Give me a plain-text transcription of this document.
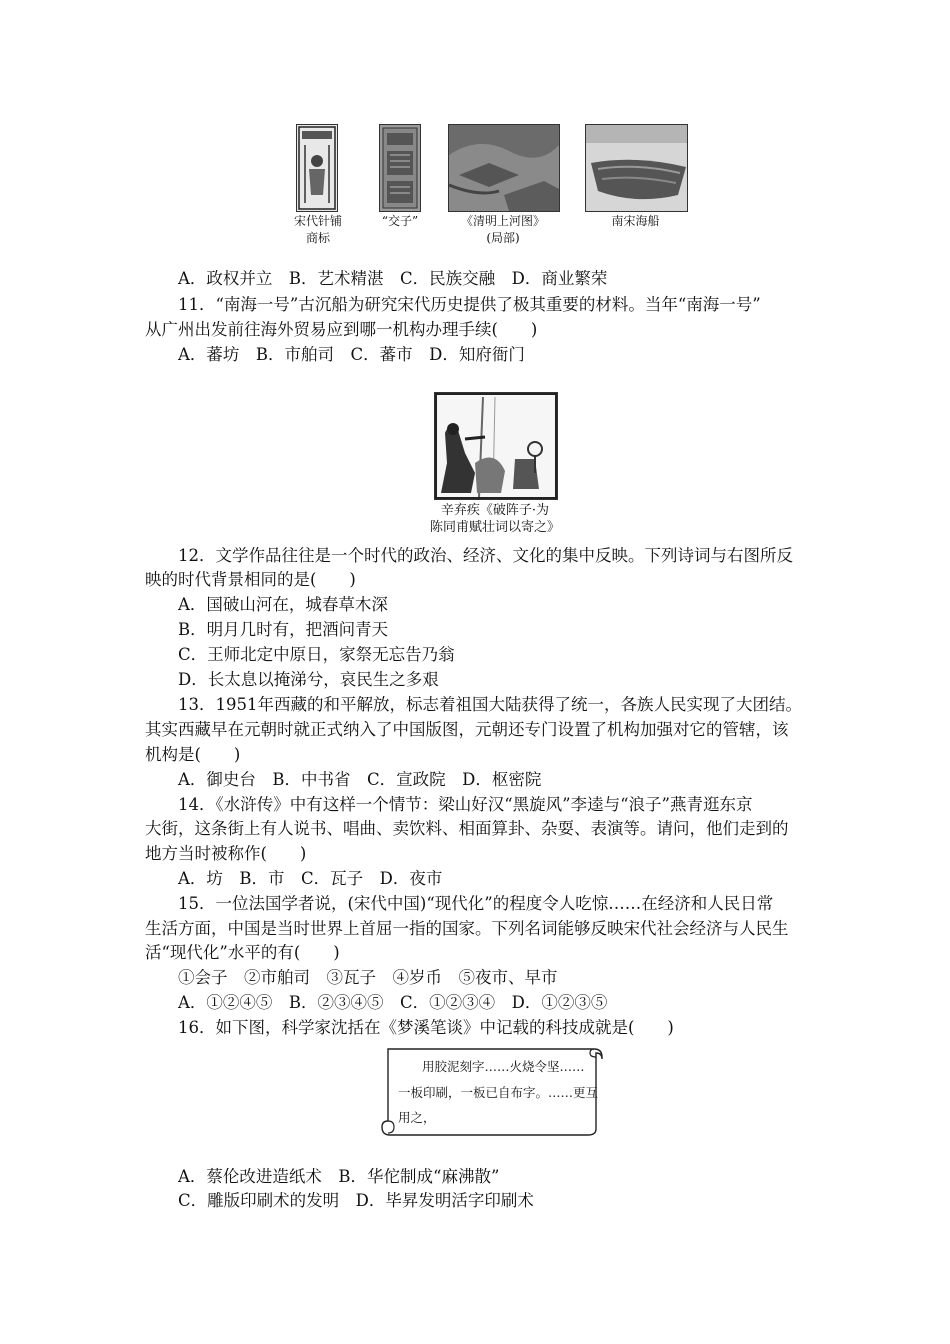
宋代针铺
商标
“交子”	《清明上河图》
(局部)
南宋海船
A．政权并立　B．艺术精湛　C．民族交融　D．商业繁荣
11．“南海一号”古沉船为研究宋代历史提供了极其重要的材料。当年“南海一号”
从广州出发前往海外贸易应到哪一机构办理手续(　　)
A．蕃坊　B．市舶司　C．蕃市　D．知府衙门
辛弃疾《破阵子·为
陈同甫赋壮词以寄之》
12．文学作品往往是一个时代的政治、经济、文化的集中反映。下列诗词与右图所反
映的时代背景相同的是(　　)
A．国破山河在，城春草木深
B．明月几时有，把酒问青天
C．王师北定中原日，家祭无忘告乃翁
D．长太息以掩涕兮，哀民生之多艰
13．1951年西藏的和平解放，标志着祖国大陆获得了统一，各族人民实现了大团结。
其实西藏早在元朝时就正式纳入了中国版图，元朝还专门设置了机构加强对它的管辖，该
机构是(　　)
A．御史台　B．中书省　C．宣政院　D．枢密院
14．《水浒传》中有这样一个情节：梁山好汉“黑旋风”李逵与“浪子”燕青逛东京
大街，这条街上有人说书、唱曲、卖饮料、相面算卦、杂耍、表演等。请问，他们走到的
地方当时被称作(　　)
A．坊　B．市　C．瓦子　D．夜市
15．一位法国学者说，(宋代中国)“现代化”的程度令人吃惊……在经济和人民日常
生活方面，中国是当时世界上首屈一指的国家。下列名词能够反映宋代社会经济与人民生
活“现代化”水平的有(　　)
①会子　②市舶司　③瓦子　④岁币　⑤夜市、早市
A．①②④⑤　B．②③④⑤　C．①②③④　D．①②③⑤
16．如下图，科学家沈括在《梦溪笔谈》中记载的科技成就是(　　)
用胶泥刻字……火烧令坚……
一板印刷，一板已自布字。……更互
用之，
A．蔡伦改进造纸术　B．华佗制成“麻沸散”
C．雕版印刷术的发明　D．毕昇发明活字印刷术
